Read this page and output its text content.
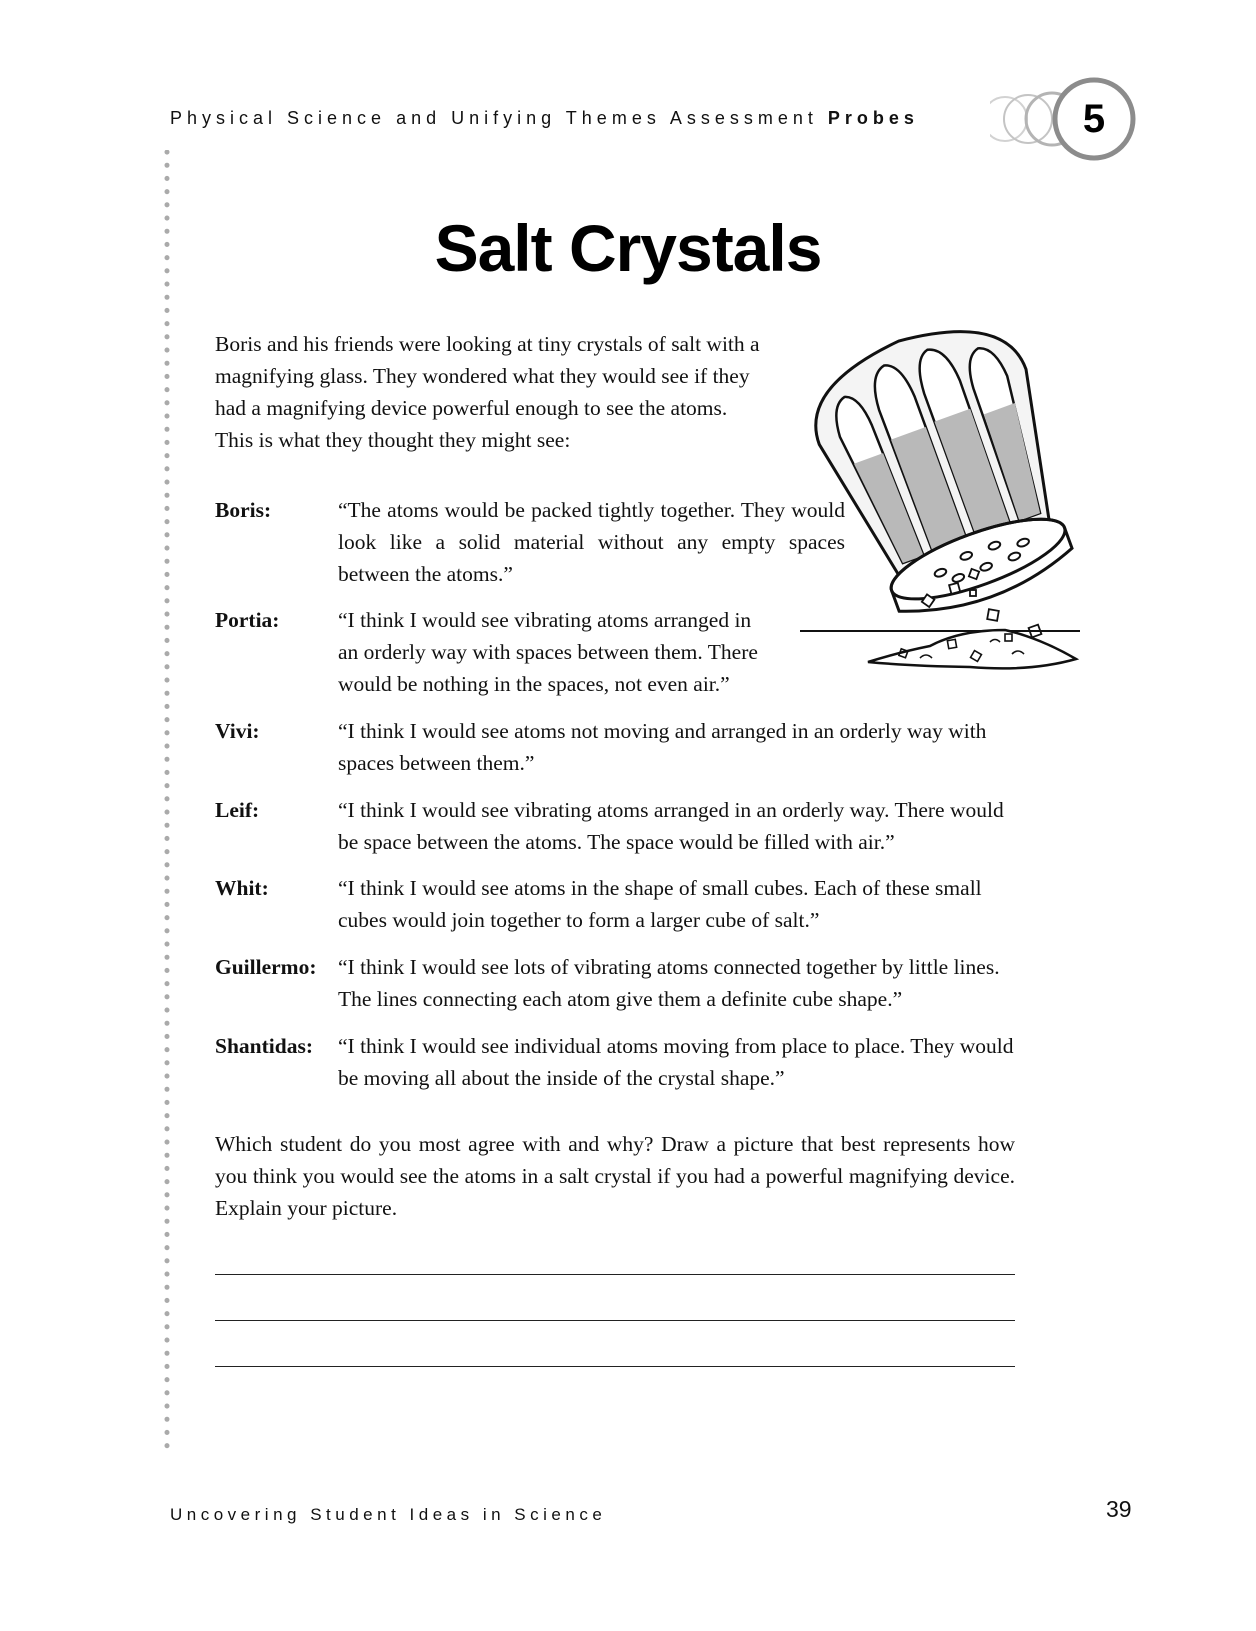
Physical Science and Unifying Themes Assessment Probes	5
Salt Crystals

Boris and his friends were looking at tiny crystals of salt with a

magnifying glass. They wondered what they would see if they

had a magnifying device powerful enough to see the atoms.

This is what they thought they might see:

Boris:	“The atoms would be packed tightly together. They would look like a solid material without any empty spaces between the atoms.”
Portia:	“I think I would see vibrating atoms arranged in an orderly way with spaces between them. There would be nothing in the spaces, not even air.”
Vivi:	“I think I would see atoms not moving and arranged in an orderly way with spaces between them.”
Leif:	“I think I would see vibrating atoms arranged in an orderly way. There would be space between the atoms. The space would be filled with air.”
Whit:	“I think I would see atoms in the shape of small cubes. Each of these small cubes would join together to form a larger cube of salt.”
Guillermo: “I think I would see lots of vibrating atoms connected together by little lines. The lines connecting each atom give them a definite cube shape.”
Shantidas:	“I think I would see individual atoms moving from place to place. They would be moving all about the inside of the crystal shape.”
Which student do you most agree with and why? Draw a picture that best represents how you think you would see the atoms in a salt crystal if you had a powerful magnifying device. Explain your picture.
Uncovering Student Ideas in Science	39
